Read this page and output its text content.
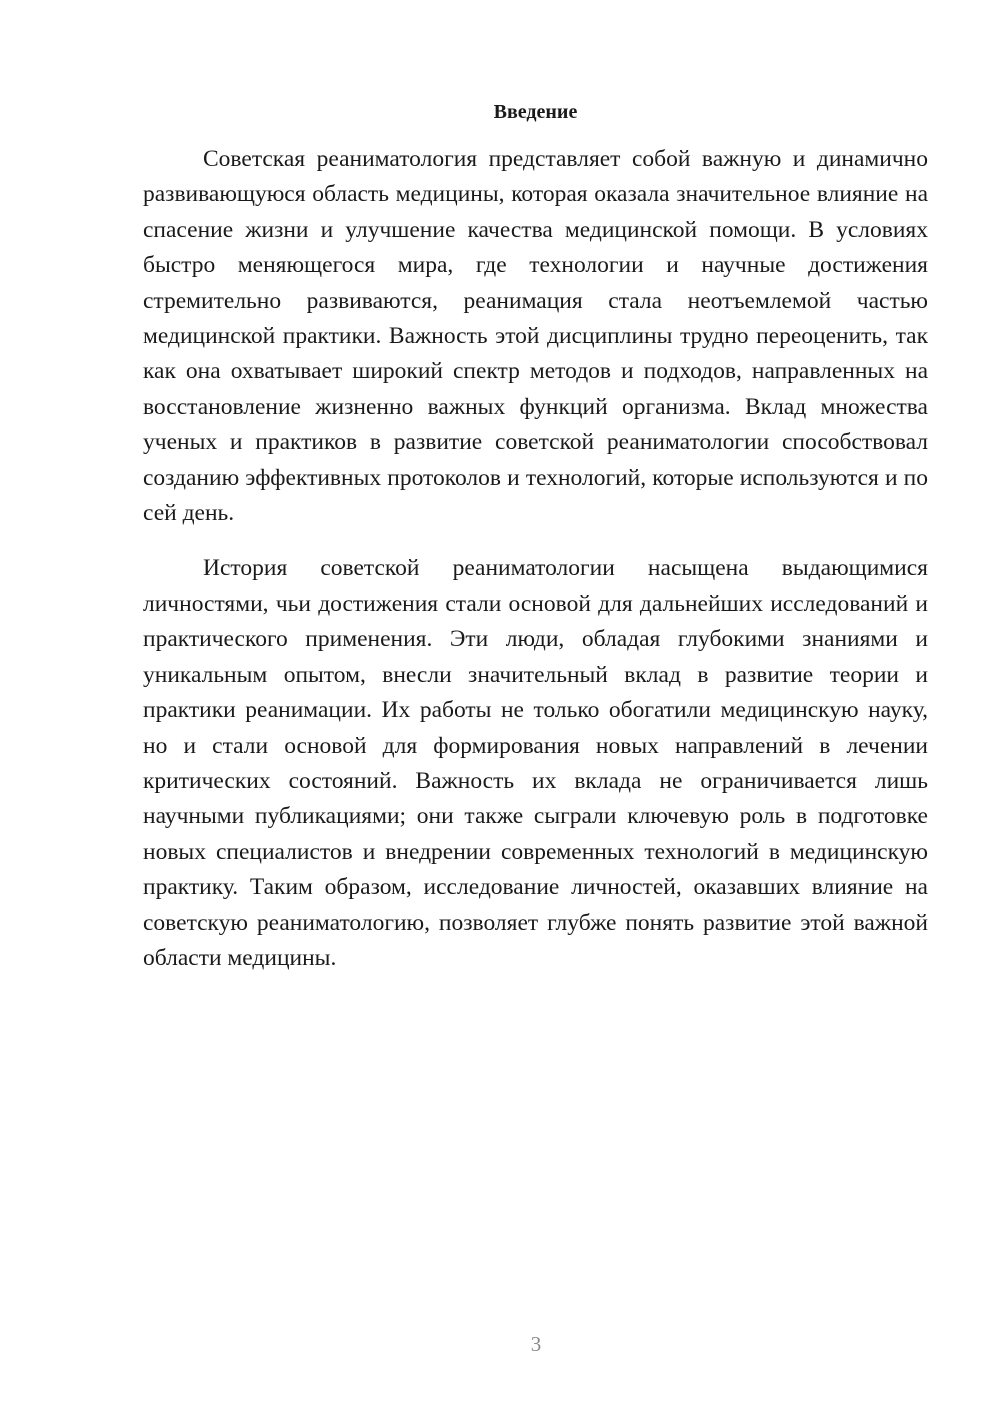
Введение

Советская реаниматология представляет собой важную и динамично развивающуюся область медицины, которая оказала значительное влияние на спасение жизни и улучшение качества медицинской помощи. В условиях быстро меняющегося мира, где технологии и научные достижения стремительно развиваются, реанимация стала неотъемлемой частью медицинской практики. Важность этой дисциплины трудно переоценить, так как она охватывает широкий спектр методов и подходов, направленных на восстановление жизненно важных функций организма. Вклад множества ученых и практиков в развитие советской реаниматологии способствовал созданию эффективных протоколов и технологий, которые используются и по сей день.

История советской реаниматологии насыщена выдающимися личностями, чьи достижения стали основой для дальнейших исследований и практического применения. Эти люди, обладая глубокими знаниями и уникальным опытом, внесли значительный вклад в развитие теории и практики реанимации. Их работы не только обогатили медицинскую науку, но и стали основой для формирования новых направлений в лечении критических состояний. Важность их вклада не ограничивается лишь научными публикациями; они также сыграли ключевую роль в подготовке новых специалистов и внедрении современных технологий в медицинскую практику. Таким образом, исследование личностей, оказавших влияние на советскую реаниматологию, позволяет глубже понять развитие этой важной области медицины.

3
